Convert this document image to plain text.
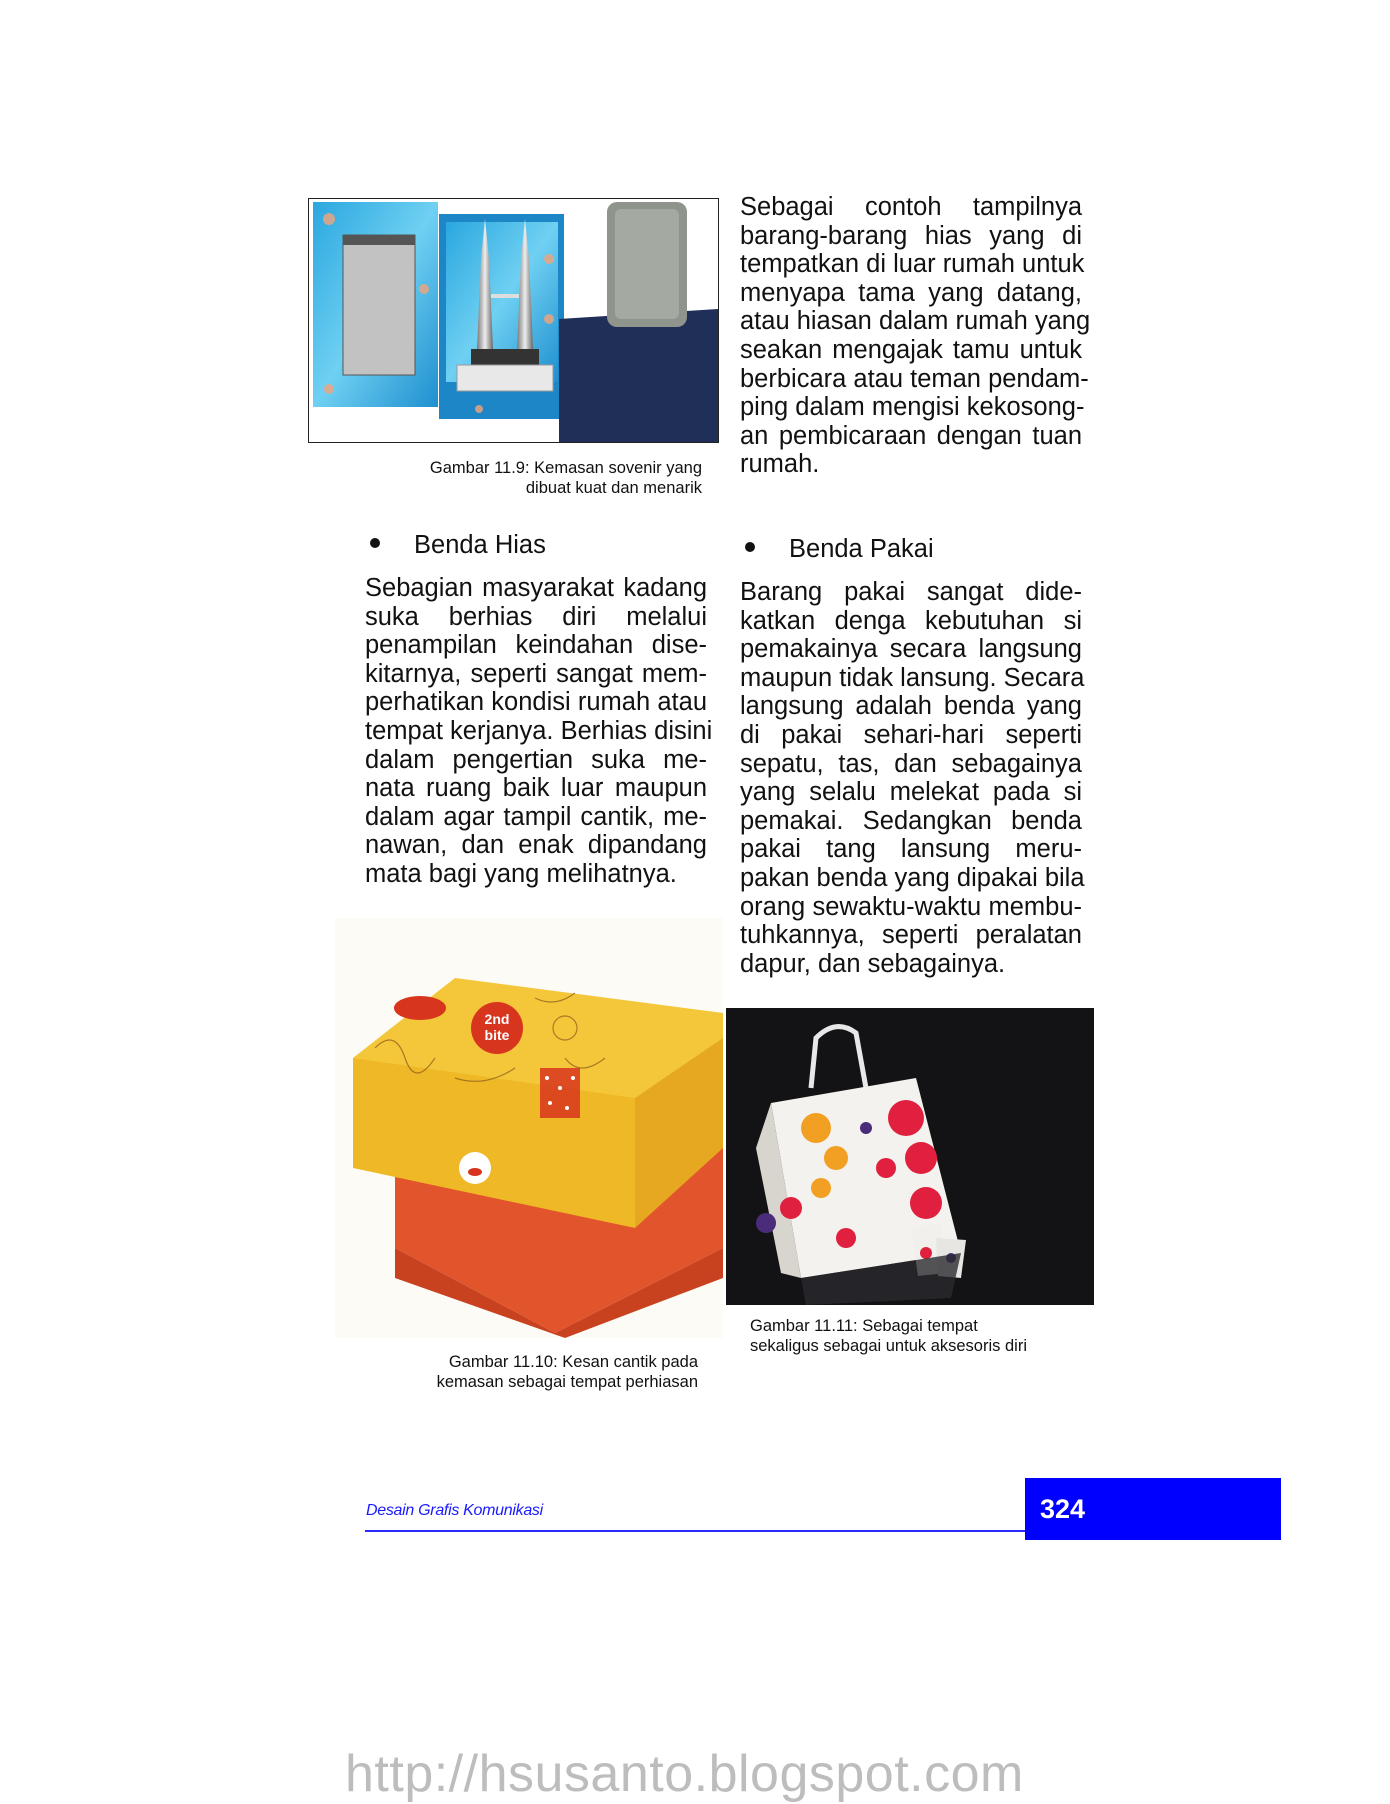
Gambar 11.9: Kemasan sovenir yang
dibuat kuat dan menarik
Sebagai contoh tampilnya
barang-barang hias yang di
tempatkan di luar rumah untuk
menyapa tama yang datang,
atau hiasan dalam rumah yang
seakan mengajak tamu untuk
berbicara atau teman pendam-
ping dalam mengisi kekosong-
an pembicaraan dengan tuan
rumah.
Benda Hias
Sebagian masyarakat kadang
suka berhias diri melalui
penampilan keindahan dise-
kitarnya, seperti sangat mem-
perhatikan kondisi rumah atau
tempat kerjanya. Berhias disini
dalam pengertian suka me-
nata ruang baik luar maupun
dalam agar tampil cantik, me-
nawan, dan enak dipandang
mata bagi yang melihatnya.
Benda Pakai
Barang pakai sangat dide-
katkan denga kebutuhan si
pemakainya secara langsung
maupun tidak lansung. Secara
langsung adalah benda yang
di pakai sehari-hari seperti
sepatu, tas, dan sebagainya
yang selalu melekat pada si
pemakai. Sedangkan benda
pakai tang lansung meru-
pakan benda yang dipakai bila
orang sewaktu-waktu membu-
tuhkannya, seperti peralatan
dapur, dan sebagainya.
2nd
bite
Gambar 11.10: Kesan cantik pada
kemasan sebagai tempat perhiasan
Gambar 11.11: Sebagai tempat
sekaligus sebagai untuk aksesoris diri
Desain Grafis Komunikasi	324
http://hsusanto.blogspot.com
